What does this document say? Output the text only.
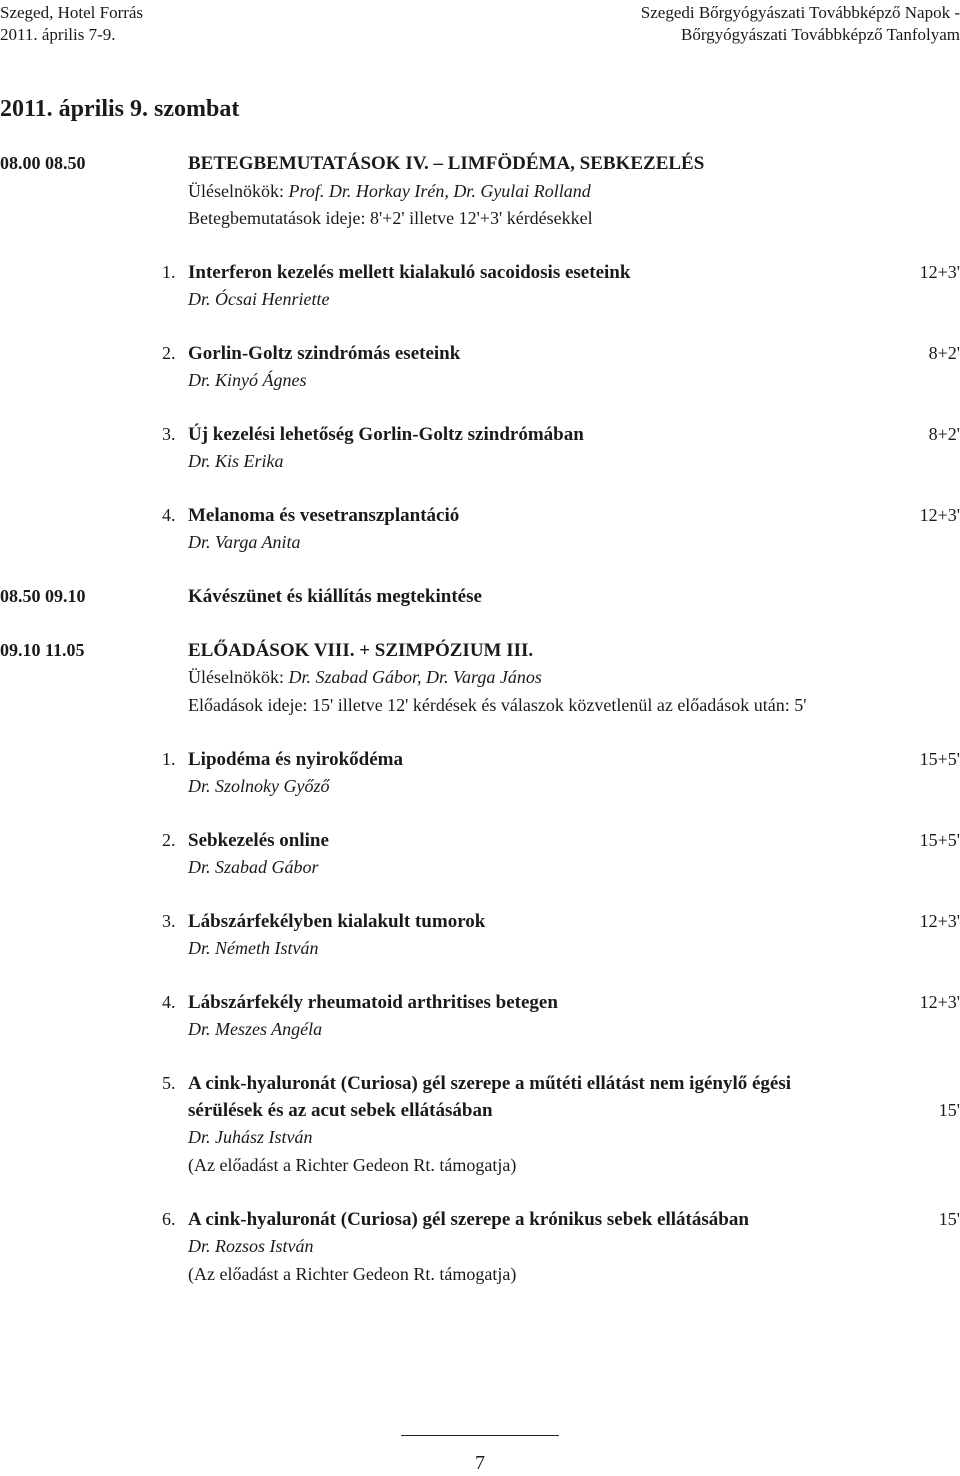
Szeged, Hotel Forrás
2011. április 7-9.
Szegedi Bőrgyógyászati Továbbképző Napok -
Bőrgyógyászati Továbbképző Tanfolyam
2011. április 9. szombat
08.00 08.50	BETEGBEMUTATÁSOK IV. – LIMFÖDÉMA, SEBKEZELÉS
Üléselnökök: Prof. Dr. Horkay Irén, Dr. Gyulai Rolland
Betegbemutatások ideje: 8'+2' illetve 12'+3' kérdésekkel
1. Interferon kezelés mellett kialakuló sacoidosis eseteink	12+3'
Dr. Ócsai Henriette
2. Gorlin-Goltz szindrómás eseteink	8+2'
Dr. Kinyó Ágnes
3. Új kezelési lehetőség Gorlin-Goltz szindrómában	8+2'
Dr. Kis Erika
4. Melanoma és vesetranszplantáció	12+3'
Dr. Varga Anita
08.50 09.10	Kávészünet és kiállítás megtekintése
09.10 11.05	ELŐADÁSOK VIII. + SZIMPÓZIUM III.
Üléselnökök: Dr. Szabad Gábor, Dr. Varga János
Előadások ideje: 15' illetve 12' kérdések és válaszok közvetlenül az előadások után: 5'
1. Lipodéma és nyirokődéma	15+5'
Dr. Szolnoky Győző
2. Sebkezelés online	15+5'
Dr. Szabad Gábor
3. Lábszárfekélyben kialakult tumorok	12+3'
Dr. Németh István
4. Lábszárfekély rheumatoid arthritises betegen	12+3'
Dr. Meszes Angéla
5. A cink-hyaluronát (Curiosa) gél szerepe a műtéti ellátást nem igénylő égési
sérülések és az acut sebek ellátásában	15'
Dr. Juhász István
(Az előadást a Richter Gedeon Rt. támogatja)
6. A cink-hyaluronát (Curiosa) gél szerepe a krónikus sebek ellátásában	15'
Dr. Rozsos István
(Az előadást a Richter Gedeon Rt. támogatja)
7
